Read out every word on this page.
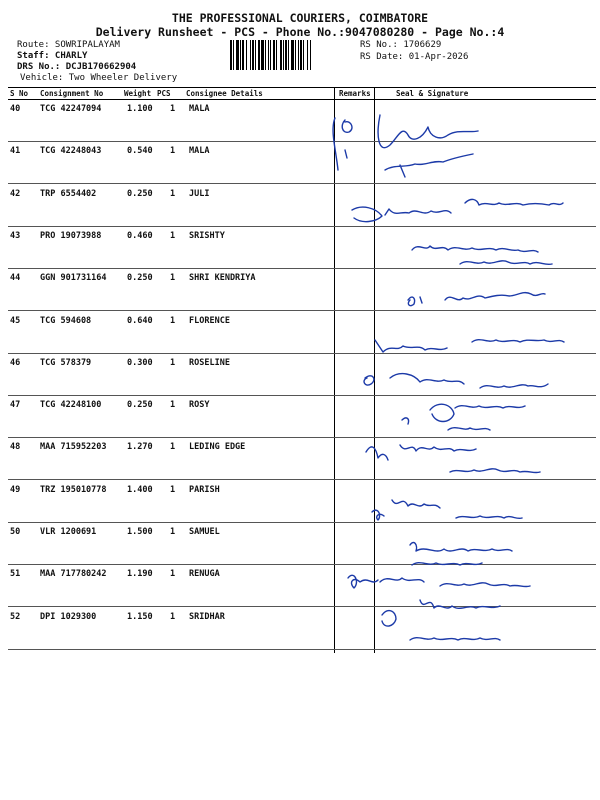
THE PROFESSIONAL COURIERS, COIMBATORE
Delivery Runsheet - PCS - Phone No.:9047080280 - Page No.:4
Route: SOWRIPALAYAM
Staff: CHARLY
DRS No.: DCJB170662904
Vehicle: Two Wheeler Delivery
RS No.: 1706629
RS Date: 01-Apr-2026
S No Consignment No	Weight PCS Consignee Details	Remarks	Seal & Signature
40 TCG 42247094	1.100 1 MALA
41 TCG 42248043	0.540 1 MALA
42 TRP 6554402	0.250 1 JULI
43 PRO 19073988	0.460 1 SRISHTY
44 GGN 901731164 0.250 1 SHRI KENDRIYA
45 TCG 594608	0.640 1 FLORENCE
46 TCG 578379	0.300 1 ROSELINE
47 TCG 42248100	0.250 1 ROSY
48 MAA 715952203 1.270 1 LEDING EDGE
49 TRZ 195010778 1.400 1 PARISH
50 VLR 1200691	1.500 1 SAMUEL
51 MAA 717780242 1.190 1 RENUGA
52 DPI 1029300	1.150 1 SRIDHAR
